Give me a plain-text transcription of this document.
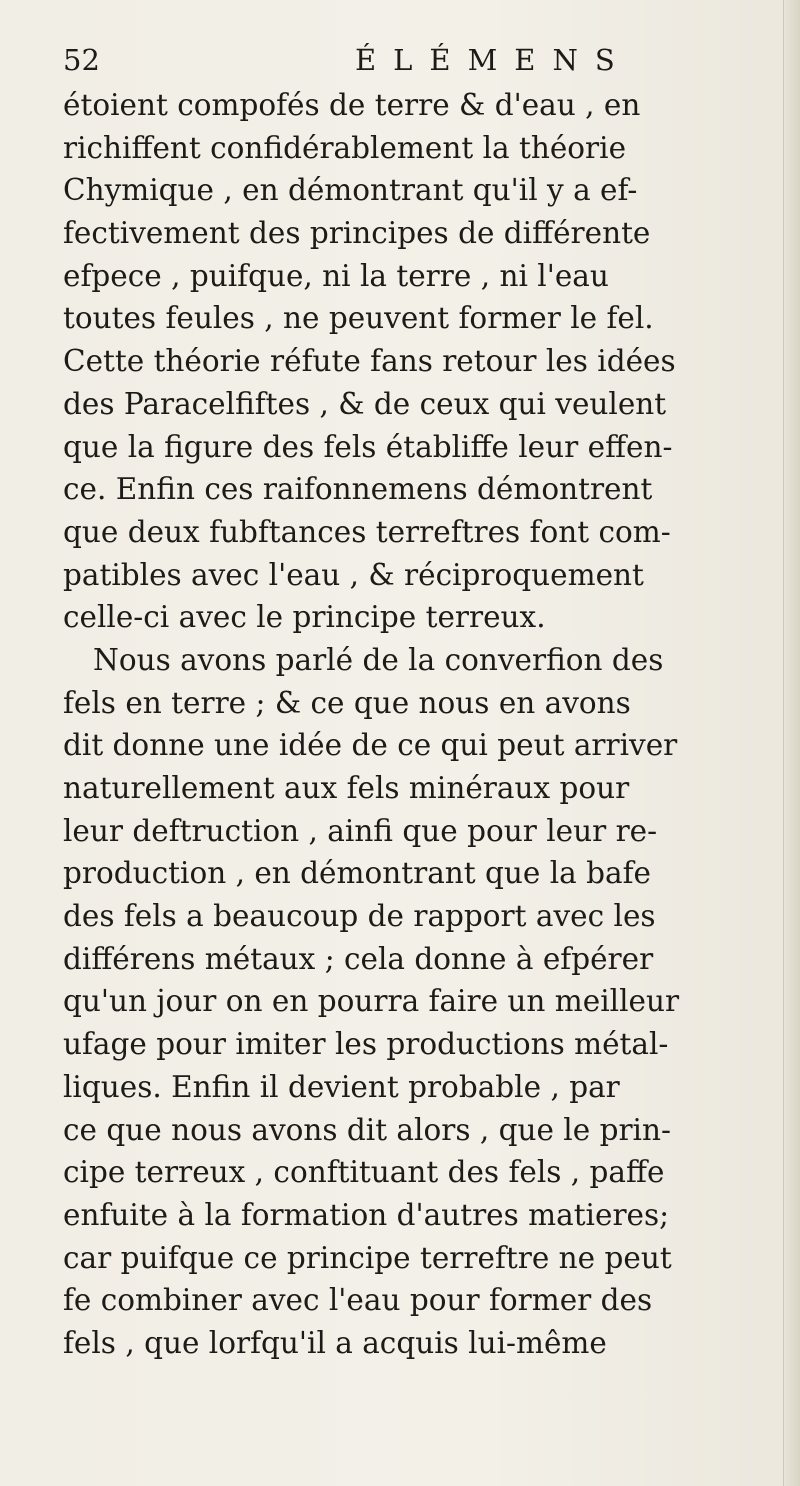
52	ÉLÉMENS
étoient compofés de terre & d'eau , en
richiffent confidérablement la théorie
Chymique , en démontrant qu'il y a ef-
fectivement des principes de différente
efpece , puifque, ni la terre , ni l'eau
toutes feules , ne peuvent former le fel.
Cette théorie réfute fans retour les idées
des Paracelfiftes , & de ceux qui veulent
que la figure des fels établiffe leur effen-
ce. Enfin ces raifonnemens démontrent
que deux fubftances terreftres font com-
patibles avec l'eau , & réciproquement
celle-ci avec le principe terreux.
Nous avons parlé de la converfion des
fels en terre ; & ce que nous en avons
dit donne une idée de ce qui peut arriver
naturellement aux fels minéraux pour
leur deftruction , ainfi que pour leur re-
production , en démontrant que la bafe
des fels a beaucoup de rapport avec les
différens métaux ; cela donne à efpérer
qu'un jour on en pourra faire un meilleur
ufage pour imiter les productions métal-
liques. Enfin il devient probable , par
ce que nous avons dit alors , que le prin-
cipe terreux , conftituant des fels , paffe
enfuite à la formation d'autres matieres;
car puifque ce principe terreftre ne peut
fe combiner avec l'eau pour former des
fels , que lorfqu'il a acquis lui-même
